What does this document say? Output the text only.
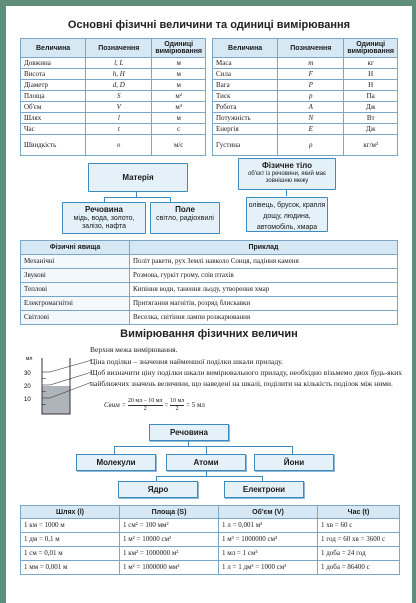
Основні фізичні величини та одиниці вимірювання
Величина	Позначення	Одиниці вимірювання
Довжина	l, L	м
Висота	h, H	м
Діаметр	d, D	м
Площа	S	м²
Об'єм	V	м³
Шлях	l	м
Час	t	с
Швидкість	υ	м/с
Величина	Позначення	Одиниці вимірювання
Маса	m	кг
Сила	F	Н
Вага	P	Н
Тиск	p	Па
Робота	A	Дж
Потужність	N	Вт
Енергія	E	Дж
Густина	ρ	кг/м³
Матерія
Речовина
мідь, вода, золото, залізо, нафта
Поле
світло, радіохвилі
Фізичне тіло
об'єкт із речовини, який має зовнішню межу
олівець, брусок, крапля дощу, людина, автомобіль, хмара
Фізичні явища	Приклад
Механічні	Політ ракети, рух Землі навколо Сонця, падіння каменя
Звукові	Розмова, гуркіт грому, спів птахів
Теплові	Кипіння води, танення льоду, утворення хмар
Електромагнітні	Притягання магнітів, розряд блискавки
Світлові	Веселка, світіння лампи розжарювання
Вимірювання фізичних величин
мл
30
20
10
Верхня межа вимірювання.
Ціна поділки – значення найменшої поділки шкали приладу.
Щоб визначити ціну поділки шкали вимірювального приладу, необхідно візьмемо двох будь-яких найближчих значень величини, що наведені на шкалі, поділити на кількість поділок між ними.
Cвим = $\frac{20 мл - 10 мл}{2} = \frac{10 мл}{2} = 5$ мл
Речовина
Молекули	Атоми	Йони
Ядро	Електрони
Шлях (l)	Площа (S)	Об'єм (V)	Час (t)
1 км = 1000 м	1 см² = 100 мм²	1 л = 0,001 м³	1 хв = 60 с
1 дм = 0,1 м	1 м² = 10000 см²	1 м³ = 1000000 см³	1 год = 60 хв = 3600 с
1 см = 0,01 м	1 км² = 1000000 м²	1 мл = 1 см³	1 доба = 24 год
1 мм = 0,001 м	1 м² = 1000000 мм²	1 л = 1 дм³ = 1000 см³	1 доба = 86400 с
